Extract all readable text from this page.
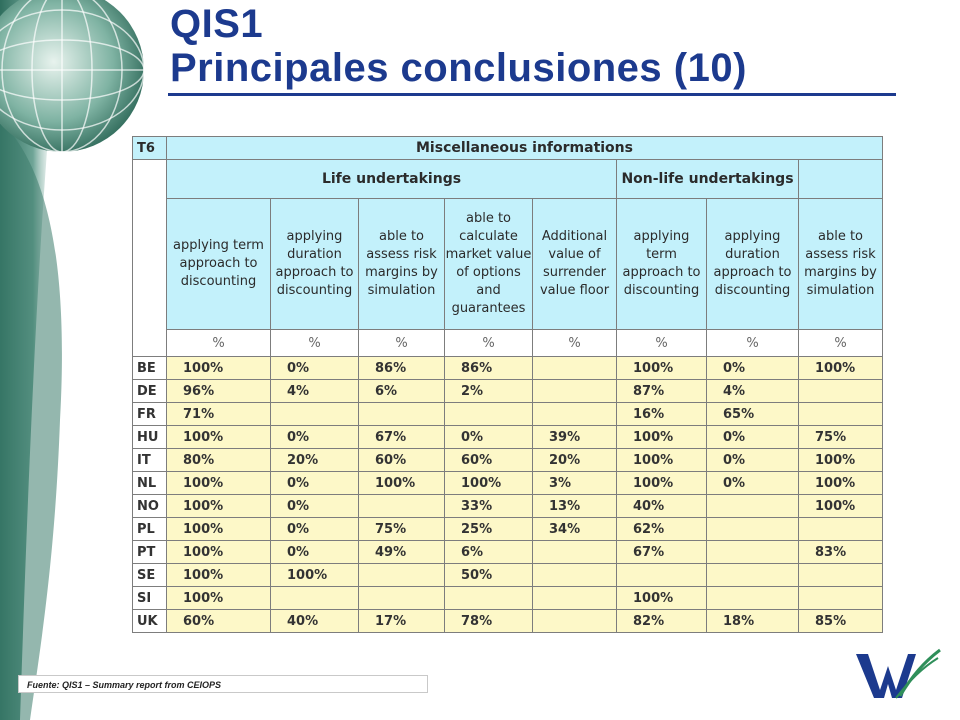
QIS1
Principales conclusiones (10)
T6	Miscellaneous informations							
	Life undertakings					Non-life undertakings		
	applying term approach to discounting	applying duration approach to discounting	able to assess risk margins by simulation	able to calculate market value of options and guarantees	Additional value of surrender value floor	applying term approach to discounting	applying duration approach to discounting	able to assess risk margins by simulation
	%	%	%	%	%	%	%	%
BE	100%	0%	86%	86%		100%	0%	100%
DE	96%	4%	6%	2%		87%	4%	
FR	71%					16%	65%	
HU	100%	0%	67%	0%	39%	100%	0%	75%
IT	80%	20%	60%	60%	20%	100%	0%	100%
NL	100%	0%	100%	100%	3%	100%	0%	100%
NO	100%	0%		33%	13%	40%		100%
PL	100%	0%	75%	25%	34%	62%		
PT	100%	0%	49%	6%		67%		83%
SE	100%	100%		50%				
SI	100%					100%		
UK	60%	40%	17%	78%		82%	18%	85%
Fuente: QIS1 – Summary report from CEIOPS
